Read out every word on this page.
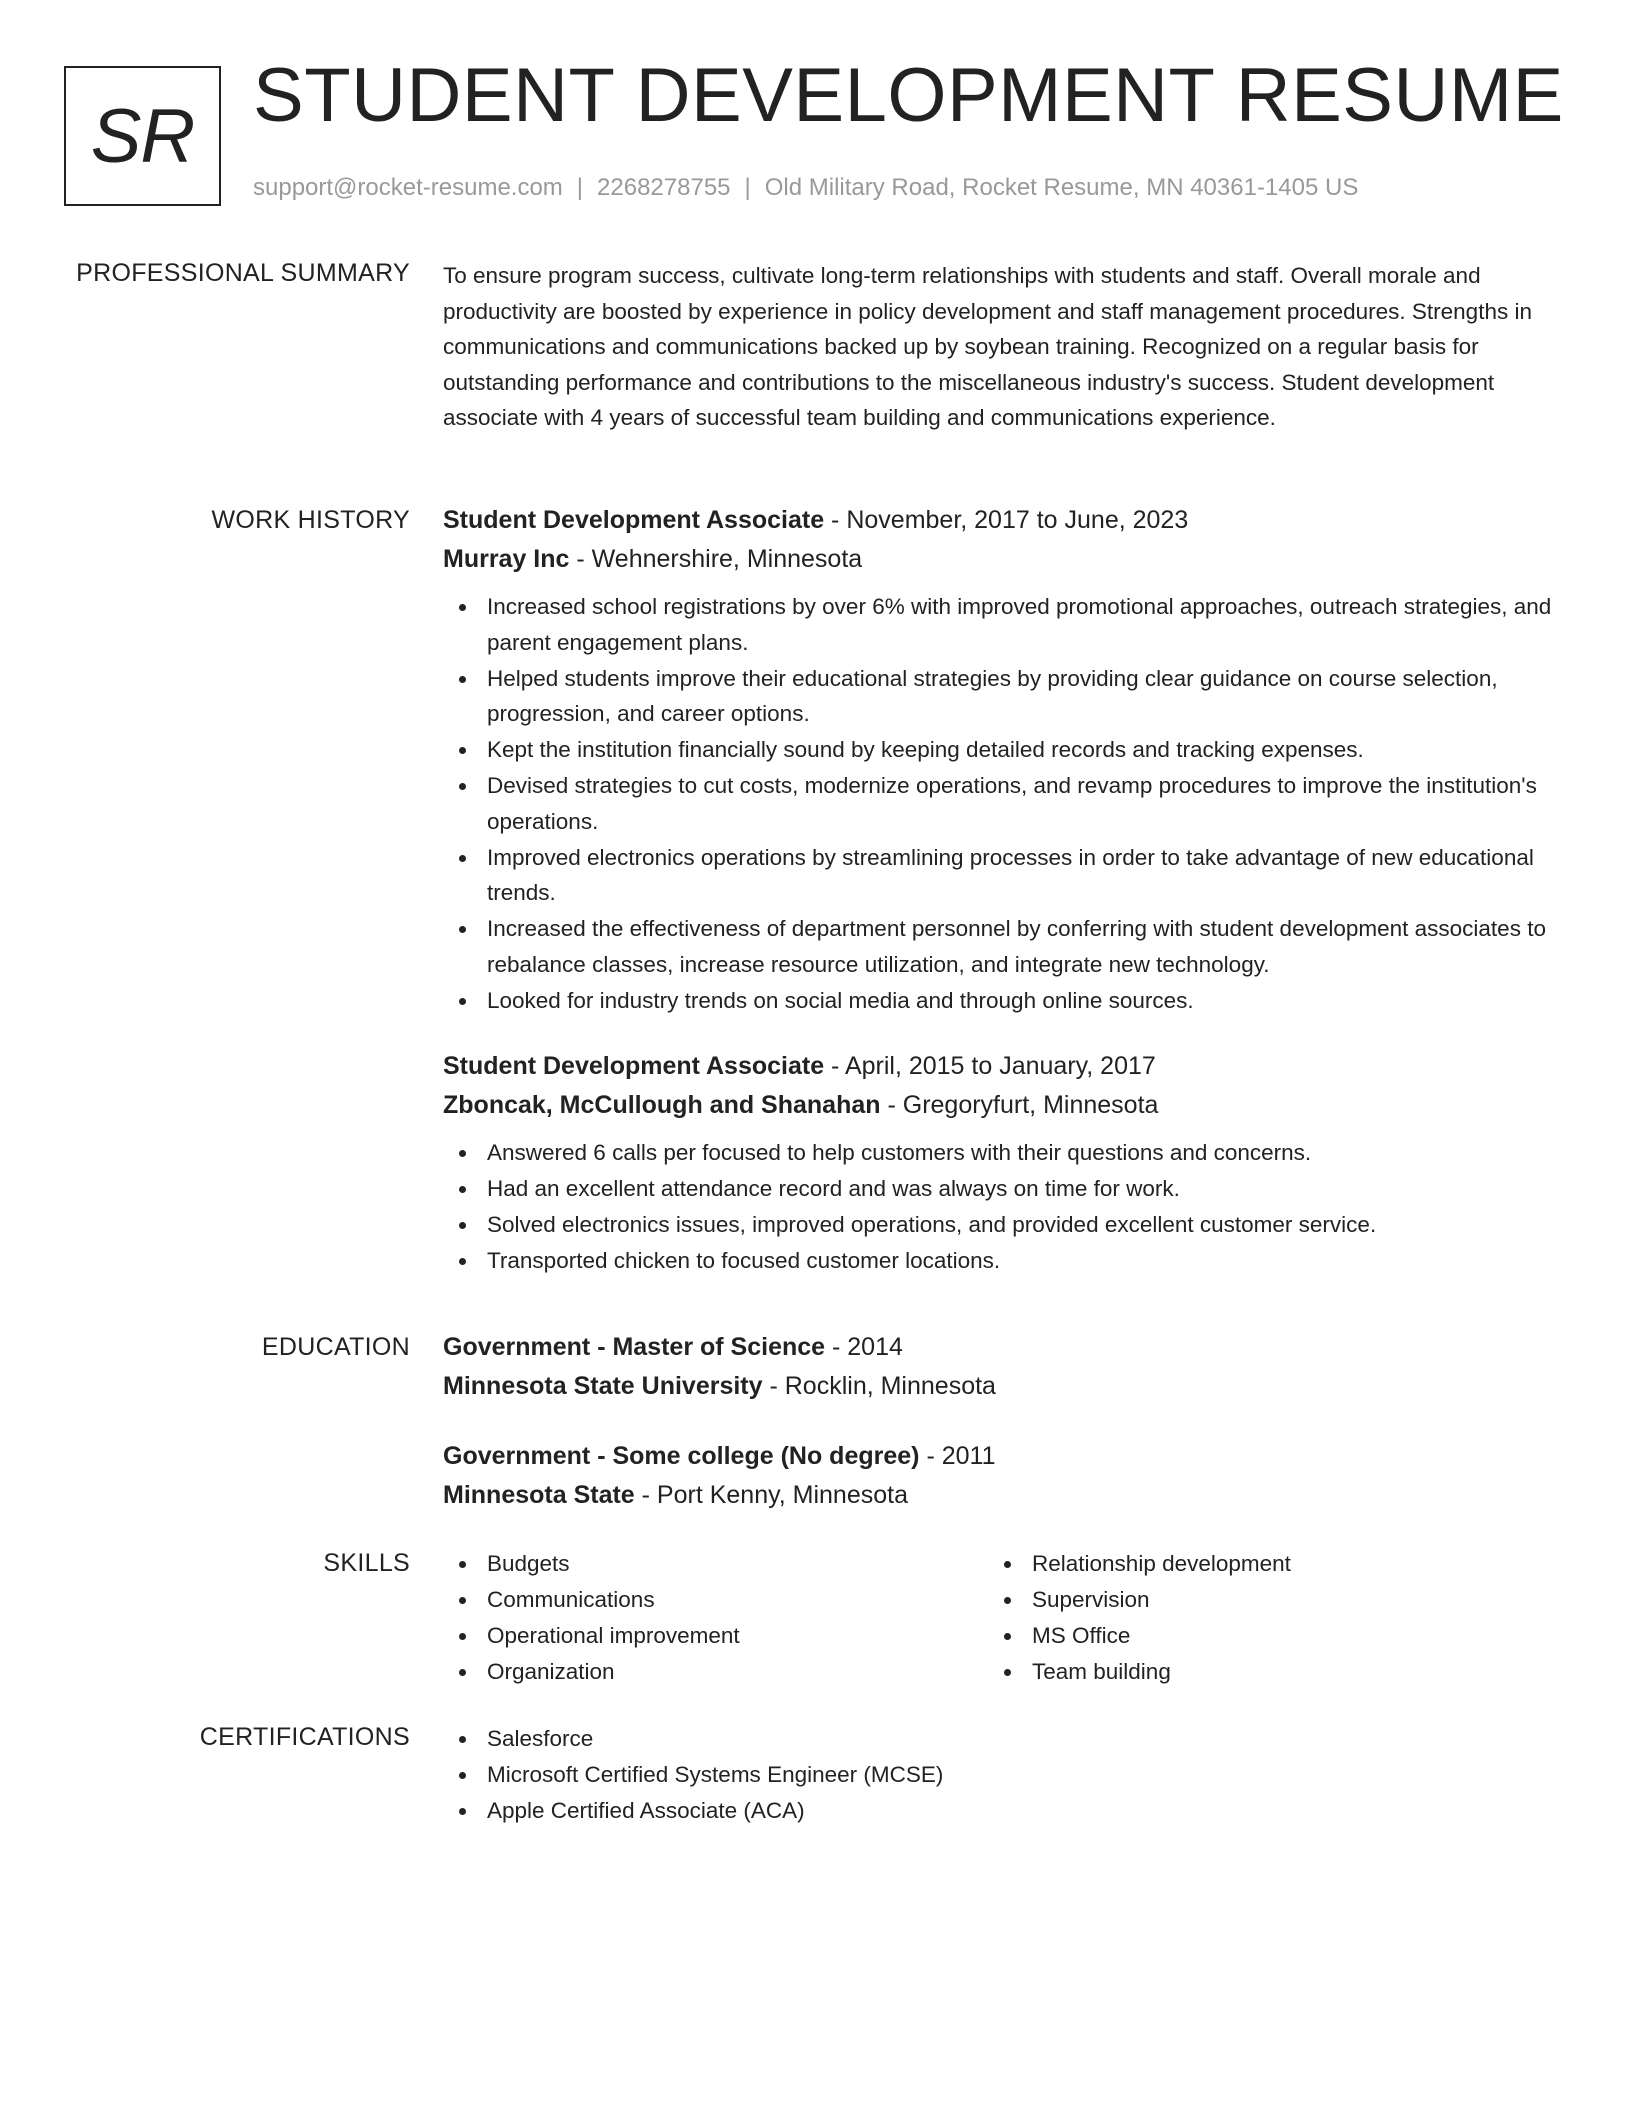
SR STUDENT DEVELOPMENT RESUME
support@rocket-resume.com | 2268278755 | Old Military Road, Rocket Resume, MN 40361-1405 US
PROFESSIONAL SUMMARY To ensure program success, cultivate long-term relationships with students and staff. Overall morale and productivity are boosted by experience in policy development and staff management procedures. Strengths in communications and communications backed up by soybean training. Recognized on a regular basis for outstanding performance and contributions to the miscellaneous industry's success. Student development associate with 4 years of successful team building and communications experience.

WORK HISTORY Student Development Associate - November, 2017 to June, 2023
Murray Inc - Wehnershire, Minnesota
Increased school registrations by over 6% with improved promotional approaches, outreach strategies, and parent engagement plans.
Helped students improve their educational strategies by providing clear guidance on course selection, progression, and career options.
Kept the institution financially sound by keeping detailed records and tracking expenses.
Devised strategies to cut costs, modernize operations, and revamp procedures to improve the institution's operations.
Improved electronics operations by streamlining processes in order to take advantage of new educational trends.
Increased the effectiveness of department personnel by conferring with student development associates to rebalance classes, increase resource utilization, and integrate new technology.
Looked for industry trends on social media and through online sources.
Student Development Associate - April, 2015 to January, 2017
Zboncak, McCullough and Shanahan - Gregoryfurt, Minnesota
Answered 6 calls per focused to help customers with their questions and concerns.
Had an excellent attendance record and was always on time for work.
Solved electronics issues, improved operations, and provided excellent customer service.
Transported chicken to focused customer locations.
EDUCATION Government - Master of Science - 2014
Minnesota State University - Rocklin, Minnesota
Government - Some college (No degree) - 2011
Minnesota State - Port Kenny, Minnesota
SKILLS	Budgets
Communications
Operational improvement
Organization
Relationship development
Supervision
MS Office
Team building
CERTIFICATIONS	Salesforce
Microsoft Certified Systems Engineer (MCSE)
Apple Certified Associate (ACA)
